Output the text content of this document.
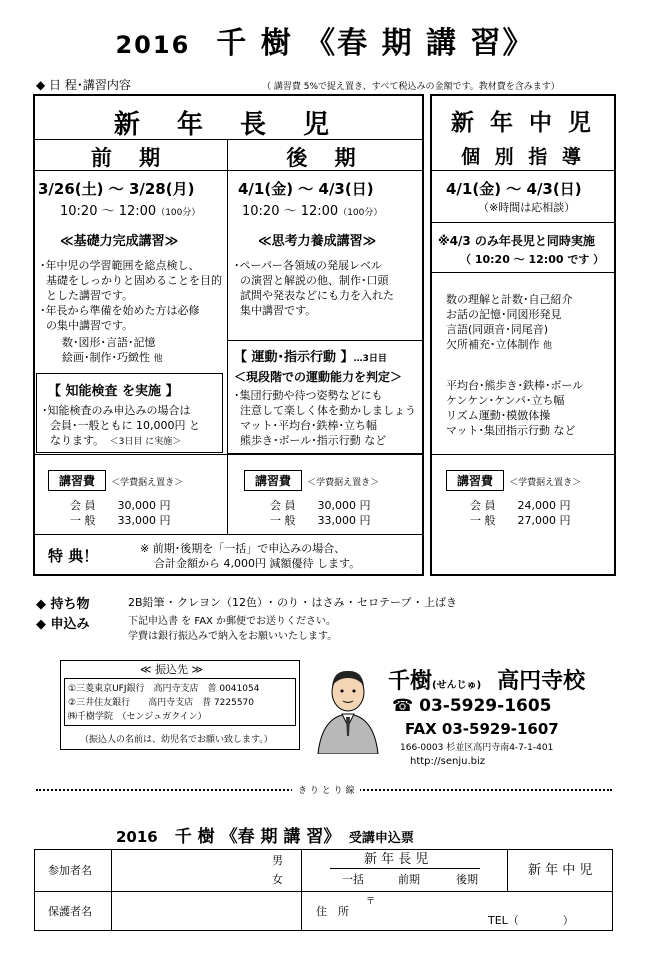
2016 千 樹 《春 期 講 習》
◆ 日 程･講習内容	（ 講習費 5%で捉え置き、すべて税込みの金額です。教材費を含みます）
新 年 長 児
前 期	後 期
3/26(土) ～ 3/28(月)
10:20 ～ 12:00（100分）
≪基礎力完成講習≫
･年中児の学習範囲を総点検し、
基礎をしっかりと固めることを目的
とした講習です。
･年長から準備を始めた方は必修
の集中講習です。
数･図形･言語･記憶
絵画･制作･巧緻性 他
【 知能検査 を実施 】
･知能検査のみ申込みの場合は
会員･一般ともに 10,000円 と
なります。　 ＜3日目 に実施＞
4/1(金) ～ 4/3(日)
10:20 ～ 12:00（100分）
≪思考力養成講習≫
･ペーパー各領域の発展レベル
の演習と解説の他、制作･口頭
試問や発表などにも力を入れた
集中講習です。
【 運動･指示行動 】…3日目
＜現段階での運動能力を判定＞
･集団行動や待つ姿勢などにも
注意して楽しく体を動かしましょう
マット･平均台･鉄棒･立ち幅
熊歩き･ボール･指示行動 など
講習費 ＜学費据え置き＞
会 員　　 30,000 円
一 般　　 33,000 円
講習費 ＜学費据え置き＞
会 員　　 30,000 円
一 般　　 33,000 円
特 典！	※ 前期･後期を「一括」で申込みの場合、
合計金額から 4,000円 減額優待 します。
新 年 中 児
個 別 指 導
4/1(金) ～ 4/3(日)
（※時間は応相談）
※4/3 のみ年長児と同時実施
（ 10:20 ～ 12:00 です ）
数の理解と計数･自己紹介
お話の記憶･同図形発見
言語(同頭音･同尾音)
欠所補充･立体制作 他
平均台･熊歩き･鉄棒･ボール
ケンケン･ケンパ･立ち幅
リズム運動･模倣体操
マット･集団指示行動 など
講習費 ＜学費据え置き＞
会 員　　 24,000 円
一 般　　 27,000 円
◆ 持ち物	2B鉛筆 ･ クレヨン（12色）･ のり ･ はさみ ･ セロテープ ･ 上ばき
◆ 申込み	下記申込書 を FAX か郵便でお送りください。
学費は銀行振込みで納入をお願いいたします。
≪ 振込先 ≫
①三菱東京UFJ銀行　高円寺支店　普 0041054
②三井住友銀行　　高円寺支店　普 7225570
㈱千樹学院　（センジュガクイン）
（振込人の名前は、幼児名でお願い致します。）
千樹(せんじゅ)　 高円寺校
☎ 03-5929-1605
FAX 03-5929-1607
166-0003 杉並区高円寺南4-7-1-401
http://senju.biz
き り と り 線
2016　 千 樹 《春 期 講 習》　 受講申込票
参加者名
男
女
新 年 長 児
一括	前期	後期
新 年 中 児
保護者名	住　所
〒
TEL（　　　　）
